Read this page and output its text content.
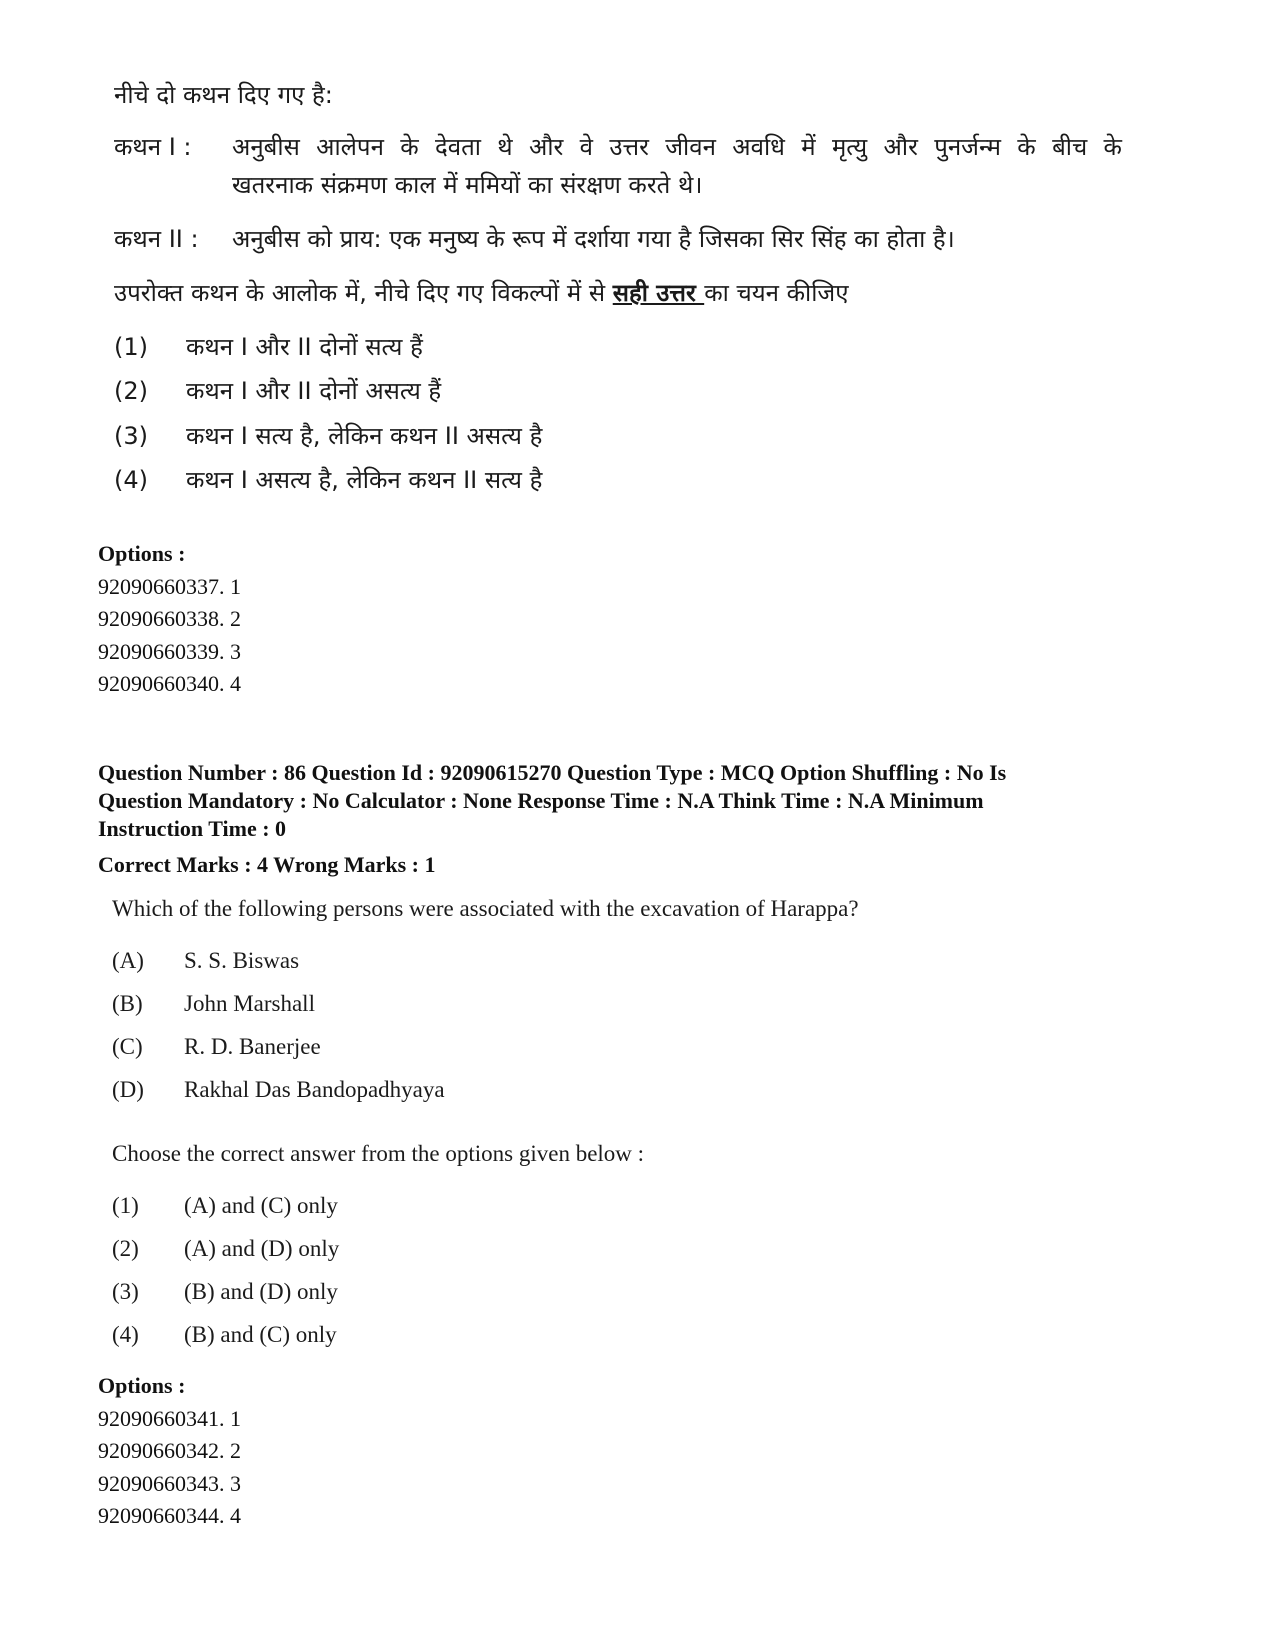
नीचे दो कथन दिए गए है:
कथन I : अनुबीस आलेपन के देवता थे और वे उत्तर जीवन अवधि में मृत्यु और पुनर्जन्म के बीच के
खतरनाक संक्रमण काल में ममियों का संरक्षण करते थे।
कथन II : अनुबीस को प्राय: एक मनुष्य के रूप में दर्शाया गया है जिसका सिर सिंह का होता है।
उपरोक्त कथन के आलोक में, नीचे दिए गए विकल्पों में से सही उत्तर का चयन कीजिए
(1) कथन I और II दोनों सत्य हैं
(2) कथन I और II दोनों असत्य हैं
(3) कथन I सत्य है, लेकिन कथन II असत्य है
(4) कथन I असत्य है, लेकिन कथन II सत्य है
Options :
92090660337. 1
92090660338. 2
92090660339. 3
92090660340. 4
Question Number : 86 Question Id : 92090615270 Question Type : MCQ Option Shuffling : No Is
Question Mandatory : No Calculator : None Response Time : N.A Think Time : N.A Minimum
Instruction Time : 0
Correct Marks : 4 Wrong Marks : 1
Which of the following persons were associated with the excavation of Harappa?
(A) S. S. Biswas
(B) John Marshall
(C) R. D. Banerjee
(D) Rakhal Das Bandopadhyaya
Choose the correct answer from the options given below :
(1) (A) and (C) only
(2) (A) and (D) only
(3) (B) and (D) only
(4) (B) and (C) only
Options :
92090660341. 1
92090660342. 2
92090660343. 3
92090660344. 4
